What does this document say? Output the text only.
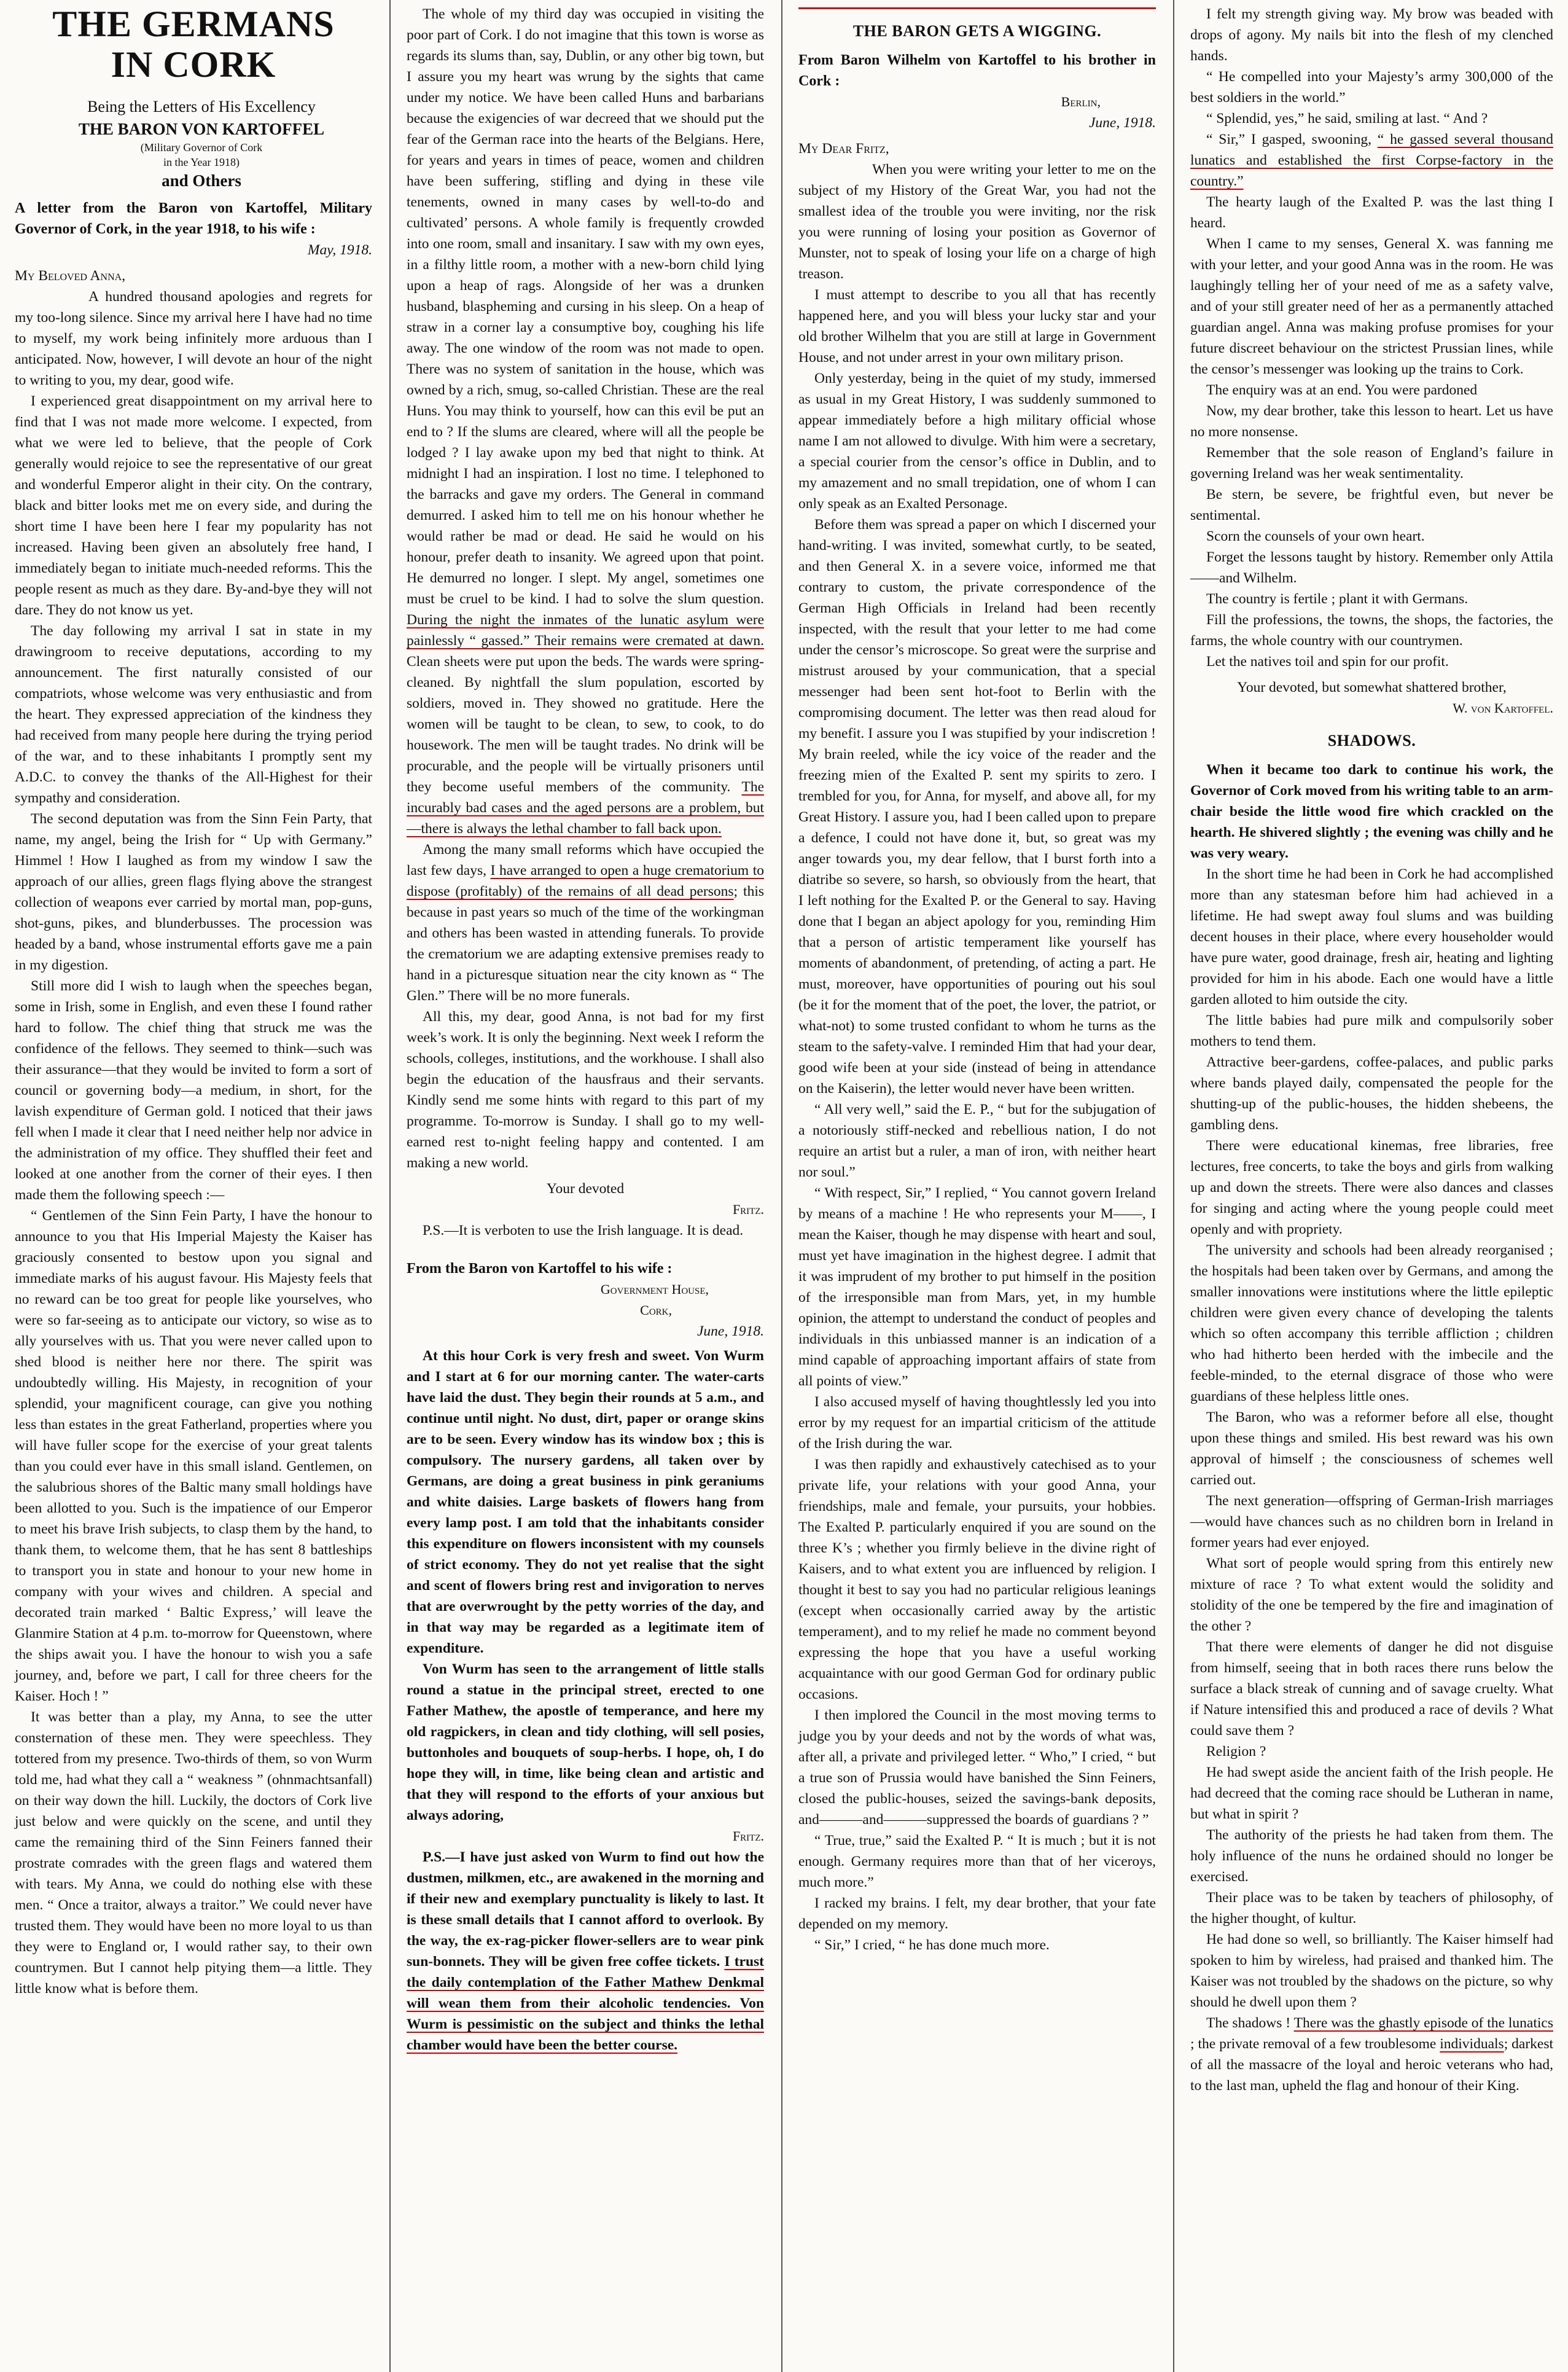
THE GERMANS
IN CORK

Being the Letters of His Excellency

THE BARON VON KARTOFFEL

(Military Governor of Cork

in the Year 1918)

and Others

A letter from the Baron von Kartoffel, Military Governor of Cork, in the year 1918, to his wife :

May, 1918.

My Beloved Anna,

A hundred thousand apologies and regrets for my too-long silence. Since my arrival here I have had no time to myself, my work being infinitely more arduous than I anticipated. Now, however, I will devote an hour of the night to writing to you, my dear, good wife.

I experienced great disappointment on my arrival here to find that I was not made more welcome. I expected, from what we were led to believe, that the people of Cork generally would rejoice to see the representative of our great and wonderful Emperor alight in their city. On the contrary, black and bitter looks met me on every side, and during the short time I have been here I fear my popularity has not increased. Having been given an absolutely free hand, I immediately began to initiate much-needed reforms. This the people resent as much as they dare. By-and-bye they will not dare. They do not know us yet.

The day following my arrival I sat in state in my drawingroom to receive deputations, according to my announcement. The first naturally consisted of our compatriots, whose welcome was very enthusiastic and from the heart. They expressed appreciation of the kindness they had received from many people here during the trying period of the war, and to these inhabitants I promptly sent my A.D.C. to convey the thanks of the All-Highest for their sympathy and consideration.

The second deputation was from the Sinn Fein Party, that name, my angel, being the Irish for “ Up with Germany.” Himmel ! How I laughed as from my window I saw the approach of our allies, green flags flying above the strangest collection of weapons ever carried by mortal man, pop-guns, shot-guns, pikes, and blunderbusses. The procession was headed by a band, whose instrumental efforts gave me a pain in my digestion.

Still more did I wish to laugh when the speeches began, some in Irish, some in English, and even these I found rather hard to follow. The chief thing that struck me was the confidence of the fellows. They seemed to think—such was their assurance—that they would be invited to form a sort of council or governing body—a medium, in short, for the lavish expenditure of German gold. I noticed that their jaws fell when I made it clear that I need neither help nor advice in the administration of my office. They shuffled their feet and looked at one another from the corner of their eyes. I then made them the following speech :—

“ Gentlemen of the Sinn Fein Party, I have the honour to announce to you that His Imperial Majesty the Kaiser has graciously consented to bestow upon you signal and immediate marks of his august favour. His Majesty feels that no reward can be too great for people like yourselves, who were so far-seeing as to anticipate our victory, so wise as to ally yourselves with us. That you were never called upon to shed blood is neither here nor there. The spirit was undoubtedly willing. His Majesty, in recognition of your splendid, your magnificent courage, can give you nothing less than estates in the great Fatherland, properties where you will have fuller scope for the exercise of your great talents than you could ever have in this small island. Gentlemen, on the salubrious shores of the Baltic many small holdings have been allotted to you. Such is the impatience of our Emperor to meet his brave Irish subjects, to clasp them by the hand, to thank them, to welcome them, that he has sent 8 battleships to transport you in state and honour to your new home in company with your wives and children. A special and decorated train marked ‘ Baltic Express,’ will leave the Glanmire Station at 4 p.m. to-morrow for Queenstown, where the ships await you. I have the honour to wish you a safe journey, and, before we part, I call for three cheers for the Kaiser. Hoch ! ”

It was better than a play, my Anna, to see the utter consternation of these men. They were speechless. They tottered from my presence. Two-thirds of them, so von Wurm told me, had what they call a “ weakness ” (ohnmachtsanfall) on their way down the hill. Luckily, the doctors of Cork live just below and were quickly on the scene, and until they came the remaining third of the Sinn Feiners fanned their prostrate comrades with the green flags and watered them with tears. My Anna, we could do nothing else with these men. “ Once a traitor, always a traitor.” We could never have trusted them. They would have been no more loyal to us than they were to England or, I would rather say, to their own countrymen. But I cannot help pitying them—a little. They little know what is before them.

The whole of my third day was occupied in visiting the poor part of Cork. I do not imagine that this town is worse as regards its slums than, say, Dublin, or any other big town, but I assure you my heart was wrung by the sights that came under my notice. We have been called Huns and barbarians because the exigencies of war decreed that we should put the fear of the German race into the hearts of the Belgians. Here, for years and years in times of peace, women and children have been suffering, stifling and dying in these vile tenements, owned in many cases by well-to-do and cultivated’ persons. A whole family is frequently crowded into one room, small and insanitary. I saw with my own eyes, in a filthy little room, a mother with a new-born child lying upon a heap of rags. Alongside of her was a drunken husband, blaspheming and cursing in his sleep. On a heap of straw in a corner lay a consumptive boy, coughing his life away. The one window of the room was not made to open. There was no system of sanitation in the house, which was owned by a rich, smug, so-called Christian. These are the real Huns. You may think to yourself, how can this evil be put an end to ? If the slums are cleared, where will all the people be lodged ? I lay awake upon my bed that night to think. At midnight I had an inspiration. I lost no time. I telephoned to the barracks and gave my orders. The General in command demurred. I asked him to tell me on his honour whether he would rather be mad or dead. He said he would on his honour, prefer death to insanity. We agreed upon that point. He demurred no longer. I slept. My angel, sometimes one must be cruel to be kind. I had to solve the slum question. During the night the inmates of the lunatic asylum were painlessly “ gassed.” Their remains were cremated at dawn. Clean sheets were put upon the beds. The wards were spring-cleaned. By nightfall the slum population, escorted by soldiers, moved in. They showed no gratitude. Here the women will be taught to be clean, to sew, to cook, to do housework. The men will be taught trades. No drink will be procurable, and the people will be virtually prisoners until they become useful members of the community. The incurably bad cases and the aged persons are a problem, but—there is always the lethal chamber to fall back upon.

Among the many small reforms which have occupied the last few days, I have arranged to open a huge crematorium to dispose (profitably) of the remains of all dead persons; this because in past years so much of the time of the workingman and others has been wasted in attending funerals. To provide the crematorium we are adapting extensive premises ready to hand in a picturesque situation near the city known as “ The Glen.” There will be no more funerals.

All this, my dear, good Anna, is not bad for my first week’s work. It is only the beginning. Next week I reform the schools, colleges, institutions, and the workhouse. I shall also begin the education of the hausfraus and their servants. Kindly send me some hints with regard to this part of my programme. To-morrow is Sunday. I shall go to my well-earned rest to-night feeling happy and contented. I am making a new world.

Your devoted

Fritz.

P.S.—It is verboten to use the Irish language. It is dead.

From the Baron von Kartoffel to his wife :

Government House,

Cork,

June, 1918.

At this hour Cork is very fresh and sweet. Von Wurm and I start at 6 for our morning canter. The water-carts have laid the dust. They begin their rounds at 5 a.m., and continue until night. No dust, dirt, paper or orange skins are to be seen. Every window has its window box ; this is compulsory. The nursery gardens, all taken over by Germans, are doing a great business in pink geraniums and white daisies. Large baskets of flowers hang from every lamp post. I am told that the inhabitants consider this expenditure on flowers inconsistent with my counsels of strict economy. They do not yet realise that the sight and scent of flowers bring rest and invigoration to nerves that are overwrought by the petty worries of the day, and in that way may be regarded as a legitimate item of expenditure.

Von Wurm has seen to the arrangement of little stalls round a statue in the principal street, erected to one Father Mathew, the apostle of temperance, and here my old ragpickers, in clean and tidy clothing, will sell posies, buttonholes and bouquets of soup-herbs. I hope, oh, I do hope they will, in time, like being clean and artistic and that they will respond to the efforts of your anxious but always adoring,

Fritz.

P.S.—I have just asked von Wurm to find out how the dustmen, milkmen, etc., are awakened in the morning and if their new and exemplary punctuality is likely to last. It is these small details that I cannot afford to overlook. By the way, the ex-rag-picker flower-sellers are to wear pink sun-bonnets. They will be given free coffee tickets. I trust the daily contemplation of the Father Mathew Denkmal will wean them from their alcoholic tendencies. Von Wurm is pessimistic on the subject and thinks the lethal chamber would have been the better course.

THE BARON GETS A WIGGING.

From Baron Wilhelm von Kartoffel to his brother in Cork :

Berlin,

June, 1918.

My Dear Fritz,

When you were writing your letter to me on the subject of my History of the Great War, you had not the smallest idea of the trouble you were inviting, nor the risk you were running of losing your position as Governor of Munster, not to speak of losing your life on a charge of high treason.

I must attempt to describe to you all that has recently happened here, and you will bless your lucky star and your old brother Wilhelm that you are still at large in Government House, and not under arrest in your own military prison.

Only yesterday, being in the quiet of my study, immersed as usual in my Great History, I was suddenly summoned to appear immediately before a high military official whose name I am not allowed to divulge. With him were a secretary, a special courier from the censor’s office in Dublin, and to my amazement and no small trepidation, one of whom I can only speak as an Exalted Personage.

Before them was spread a paper on which I discerned your hand-writing. I was invited, somewhat curtly, to be seated, and then General X. in a severe voice, informed me that contrary to custom, the private correspondence of the German High Officials in Ireland had been recently inspected, with the result that your letter to me had come under the censor’s microscope. So great were the surprise and mistrust aroused by your communication, that a special messenger had been sent hot-foot to Berlin with the compromising document. The letter was then read aloud for my benefit. I assure you I was stupified by your indiscretion ! My brain reeled, while the icy voice of the reader and the freezing mien of the Exalted P. sent my spirits to zero. I trembled for you, for Anna, for myself, and above all, for my Great History. I assure you, had I been called upon to prepare a defence, I could not have done it, but, so great was my anger towards you, my dear fellow, that I burst forth into a diatribe so severe, so harsh, so obviously from the heart, that I left nothing for the Exalted P. or the General to say. Having done that I began an abject apology for you, reminding Him that a person of artistic temperament like yourself has moments of abandonment, of pretending, of acting a part. He must, moreover, have opportunities of pouring out his soul (be it for the moment that of the poet, the lover, the patriot, or what-not) to some trusted confidant to whom he turns as the steam to the safety-valve. I reminded Him that had your dear, good wife been at your side (instead of being in attendance on the Kaiserin), the letter would never have been written.

“ All very well,” said the E. P., “ but for the subjugation of a notoriously stiff-necked and rebellious nation, I do not require an artist but a ruler, a man of iron, with neither heart nor soul.”

“ With respect, Sir,” I replied, “ You cannot govern Ireland by means of a machine ! He who represents your M——, I mean the Kaiser, though he may dispense with heart and soul, must yet have imagination in the highest degree. I admit that it was imprudent of my brother to put himself in the position of the irresponsible man from Mars, yet, in my humble opinion, the attempt to understand the conduct of peoples and individuals in this unbiassed manner is an indication of a mind capable of approaching important affairs of state from all points of view.”

I also accused myself of having thoughtlessly led you into error by my request for an impartial criticism of the attitude of the Irish during the war.

I was then rapidly and exhaustively catechised as to your private life, your relations with your good Anna, your friendships, male and female, your pursuits, your hobbies. The Exalted P. particularly enquired if you are sound on the three K’s ; whether you firmly believe in the divine right of Kaisers, and to what extent you are influenced by religion. I thought it best to say you had no particular religious leanings (except when occasionally carried away by the artistic temperament), and to my relief he made no comment beyond expressing the hope that you have a useful working acquaintance with our good German God for ordinary public occasions.

I then implored the Council in the most moving terms to judge you by your deeds and not by the words of what was, after all, a private and privileged letter. “ Who,” I cried, “ but a true son of Prussia would have banished the Sinn Feiners, closed the public-houses, seized the savings-bank deposits, and———and———suppressed the boards of guardians ? ”

“ True, true,” said the Exalted P. “ It is much ; but it is not enough. Germany requires more than that of her viceroys, much more.”

I racked my brains. I felt, my dear brother, that your fate depended on my memory.

“ Sir,” I cried, “ he has done much more.

I felt my strength giving way. My brow was beaded with drops of agony. My nails bit into the flesh of my clenched hands.

“ He compelled into your Majesty’s army 300,000 of the best soldiers in the world.”

“ Splendid, yes,” he said, smiling at last. “ And ?

“ Sir,” I gasped, swooning, “ he gassed several thousand lunatics and established the first Corpse-factory in the country.”

The hearty laugh of the Exalted P. was the last thing I heard.

When I came to my senses, General X. was fanning me with your letter, and your good Anna was in the room. He was laughingly telling her of your need of me as a safety valve, and of your still greater need of her as a permanently attached guardian angel. Anna was making profuse promises for your future discreet behaviour on the strictest Prussian lines, while the censor’s messenger was looking up the trains to Cork.

The enquiry was at an end. You were pardoned

Now, my dear brother, take this lesson to heart. Let us have no more nonsense.

Remember that the sole reason of England’s failure in governing Ireland was her weak sentimentality.

Be stern, be severe, be frightful even, but never be sentimental.

Scorn the counsels of your own heart.

Forget the lessons taught by history. Remember only Attila——and Wilhelm.

The country is fertile ; plant it with Germans.

Fill the professions, the towns, the shops, the factories, the farms, the whole country with our countrymen.

Let the natives toil and spin for our profit.

Your devoted, but somewhat shattered brother,

W. von Kartoffel.

SHADOWS.

When it became too dark to continue his work, the Governor of Cork moved from his writing table to an arm-chair beside the little wood fire which crackled on the hearth. He shivered slightly ; the evening was chilly and he was very weary.

In the short time he had been in Cork he had accomplished more than any statesman before him had achieved in a lifetime. He had swept away foul slums and was building decent houses in their place, where every householder would have pure water, good drainage, fresh air, heating and lighting provided for him in his abode. Each one would have a little garden alloted to him outside the city.

The little babies had pure milk and compulsorily sober mothers to tend them.

Attractive beer-gardens, coffee-palaces, and public parks where bands played daily, compensated the people for the shutting-up of the public-houses, the hidden shebeens, the gambling dens.

There were educational kinemas, free libraries, free lectures, free concerts, to take the boys and girls from walking up and down the streets. There were also dances and classes for singing and acting where the young people could meet openly and with propriety.

The university and schools had been already reorganised ; the hospitals had been taken over by Germans, and among the smaller innovations were institutions where the little epileptic children were given every chance of developing the talents which so often accompany this terrible affliction ; children who had hitherto been herded with the imbecile and the feeble-minded, to the eternal disgrace of those who were guardians of these helpless little ones.

The Baron, who was a reformer before all else, thought upon these things and smiled. His best reward was his own approval of himself ; the consciousness of schemes well carried out.

The next generation—offspring of German-Irish marriages—would have chances such as no children born in Ireland in former years had ever enjoyed.

What sort of people would spring from this entirely new mixture of race ? To what extent would the solidity and stolidity of the one be tempered by the fire and imagination of the other ?

That there were elements of danger he did not disguise from himself, seeing that in both races there runs below the surface a black streak of cunning and of savage cruelty. What if Nature intensified this and produced a race of devils ? What could save them ?

Religion ?

He had swept aside the ancient faith of the Irish people. He had decreed that the coming race should be Lutheran in name, but what in spirit ?

The authority of the priests he had taken from them. The holy influence of the nuns he ordained should no longer be exercised.

Their place was to be taken by teachers of philosophy, of the higher thought, of kultur.

He had done so well, so brilliantly. The Kaiser himself had spoken to him by wireless, had praised and thanked him. The Kaiser was not troubled by the shadows on the picture, so why should he dwell upon them ?

The shadows ! There was the ghastly episode of the lunatics ; the private removal of a few troublesome individuals; darkest of all the massacre of the loyal and heroic veterans who had, to the last man, upheld the flag and honour of their King.
